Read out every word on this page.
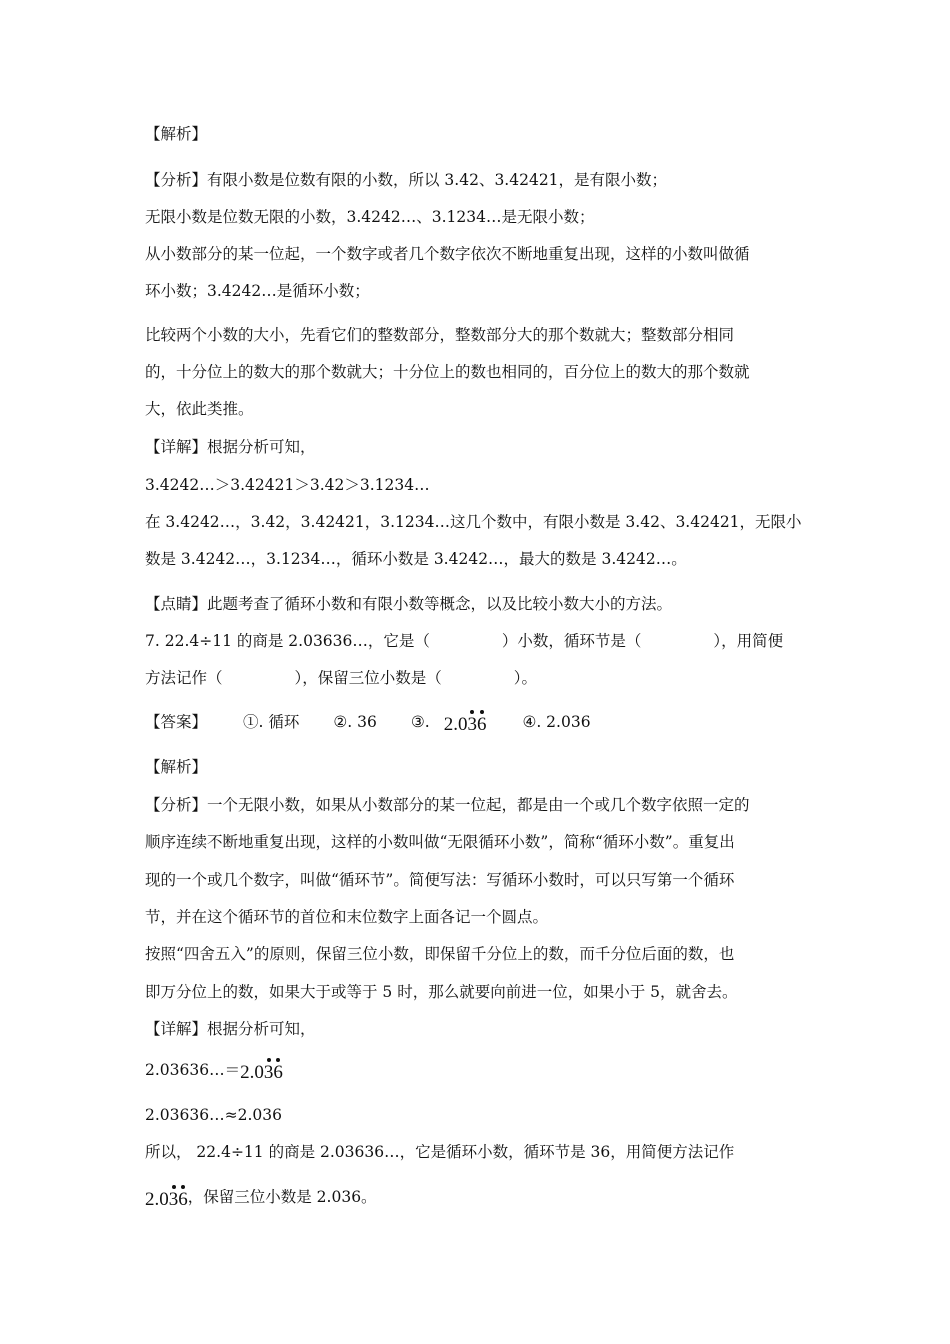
【解析】
【分析】有限小数是位数有限的小数，所以 3.42、3.42421，是有限小数；
无限小数是位数无限的小数，3.4242…、3.1234…是无限小数；
从小数部分的某一位起，一个数字或者几个数字依次不断地重复出现，这样的小数叫做循
环小数；3.4242…是循环小数；
比较两个小数的大小，先看它们的整数部分，整数部分大的那个数就大；整数部分相同
的，十分位上的数大的那个数就大；十分位上的数也相同的，百分位上的数大的那个数就
大，依此类推。
【详解】根据分析可知，
3.4242…＞3.42421＞3.42＞3.1234…
在 3.4242…，3.42，3.42421，3.1234…这几个数中，有限小数是 3.42、3.42421，无限小
数是 3.4242…，3.1234…，循环小数是 3.4242…，最大的数是 3.4242…。
【点睛】此题考查了循环小数和有限小数等概念，以及比较小数大小的方法。
7. 22.4÷11 的商是 2.03636…，它是（	）小数，循环节是（	），用简便
方法记作（	），保留三位小数是（	）。
【答案】 ①. 循环 ②. 36 ③. 2.0
3
6 ④. 2.036
【解析】
【分析】一个无限小数，如果从小数部分的某一位起，都是由一个或几个数字依照一定的
顺序连续不断地重复出现，这样的小数叫做“无限循环小数”，简称“循环小数”。重复出
现的一个或几个数字，叫做“循环节”。简便写法：写循环小数时，可以只写第一个循环
节，并在这个循环节的首位和末位数字上面各记一个圆点。
按照“四舍五入”的原则，保留三位小数，即保留千分位上的数，而千分位后面的数，也
即万分位上的数，如果大于或等于 5 时，那么就要向前进一位，如果小于 5，就舍去。
【详解】根据分析可知，
2.03636…＝2.0
3
6
2.03636…≈2.036
所以， 22.4÷11 的商是 2.03636…，它是循环小数，循环节是 36，用简便方法记作
2.0
3
6，保留三位小数是 2.036。
